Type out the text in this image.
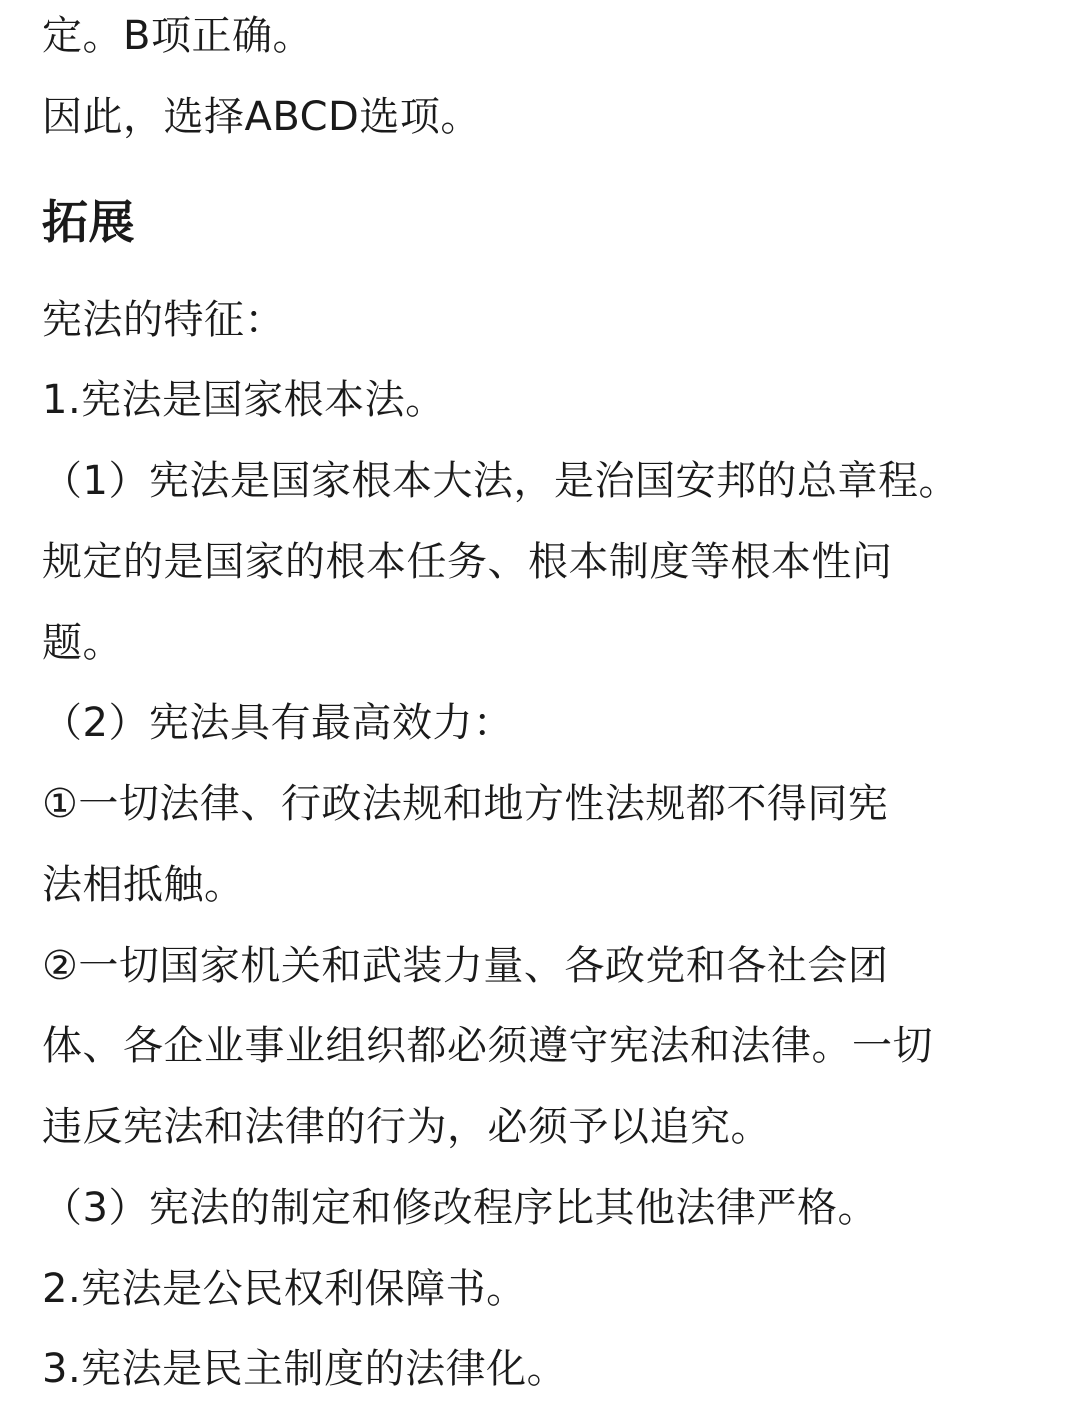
定。B项正确。
因此，选择ABCD选项。
拓展
宪法的特征：
1.宪法是国家根本法。
（1）宪法是国家根本大法，是治国安邦的总章程。
规定的是国家的根本任务、根本制度等根本性问
题。
（2）宪法具有最高效力：
①一切法律、行政法规和地方性法规都不得同宪
法相抵触。
②一切国家机关和武装力量、各政党和各社会团
体、各企业事业组织都必须遵守宪法和法律。一切
违反宪法和法律的行为，必须予以追究。
（3）宪法的制定和修改程序比其他法律严格。
2.宪法是公民权利保障书。
3.宪法是民主制度的法律化。
